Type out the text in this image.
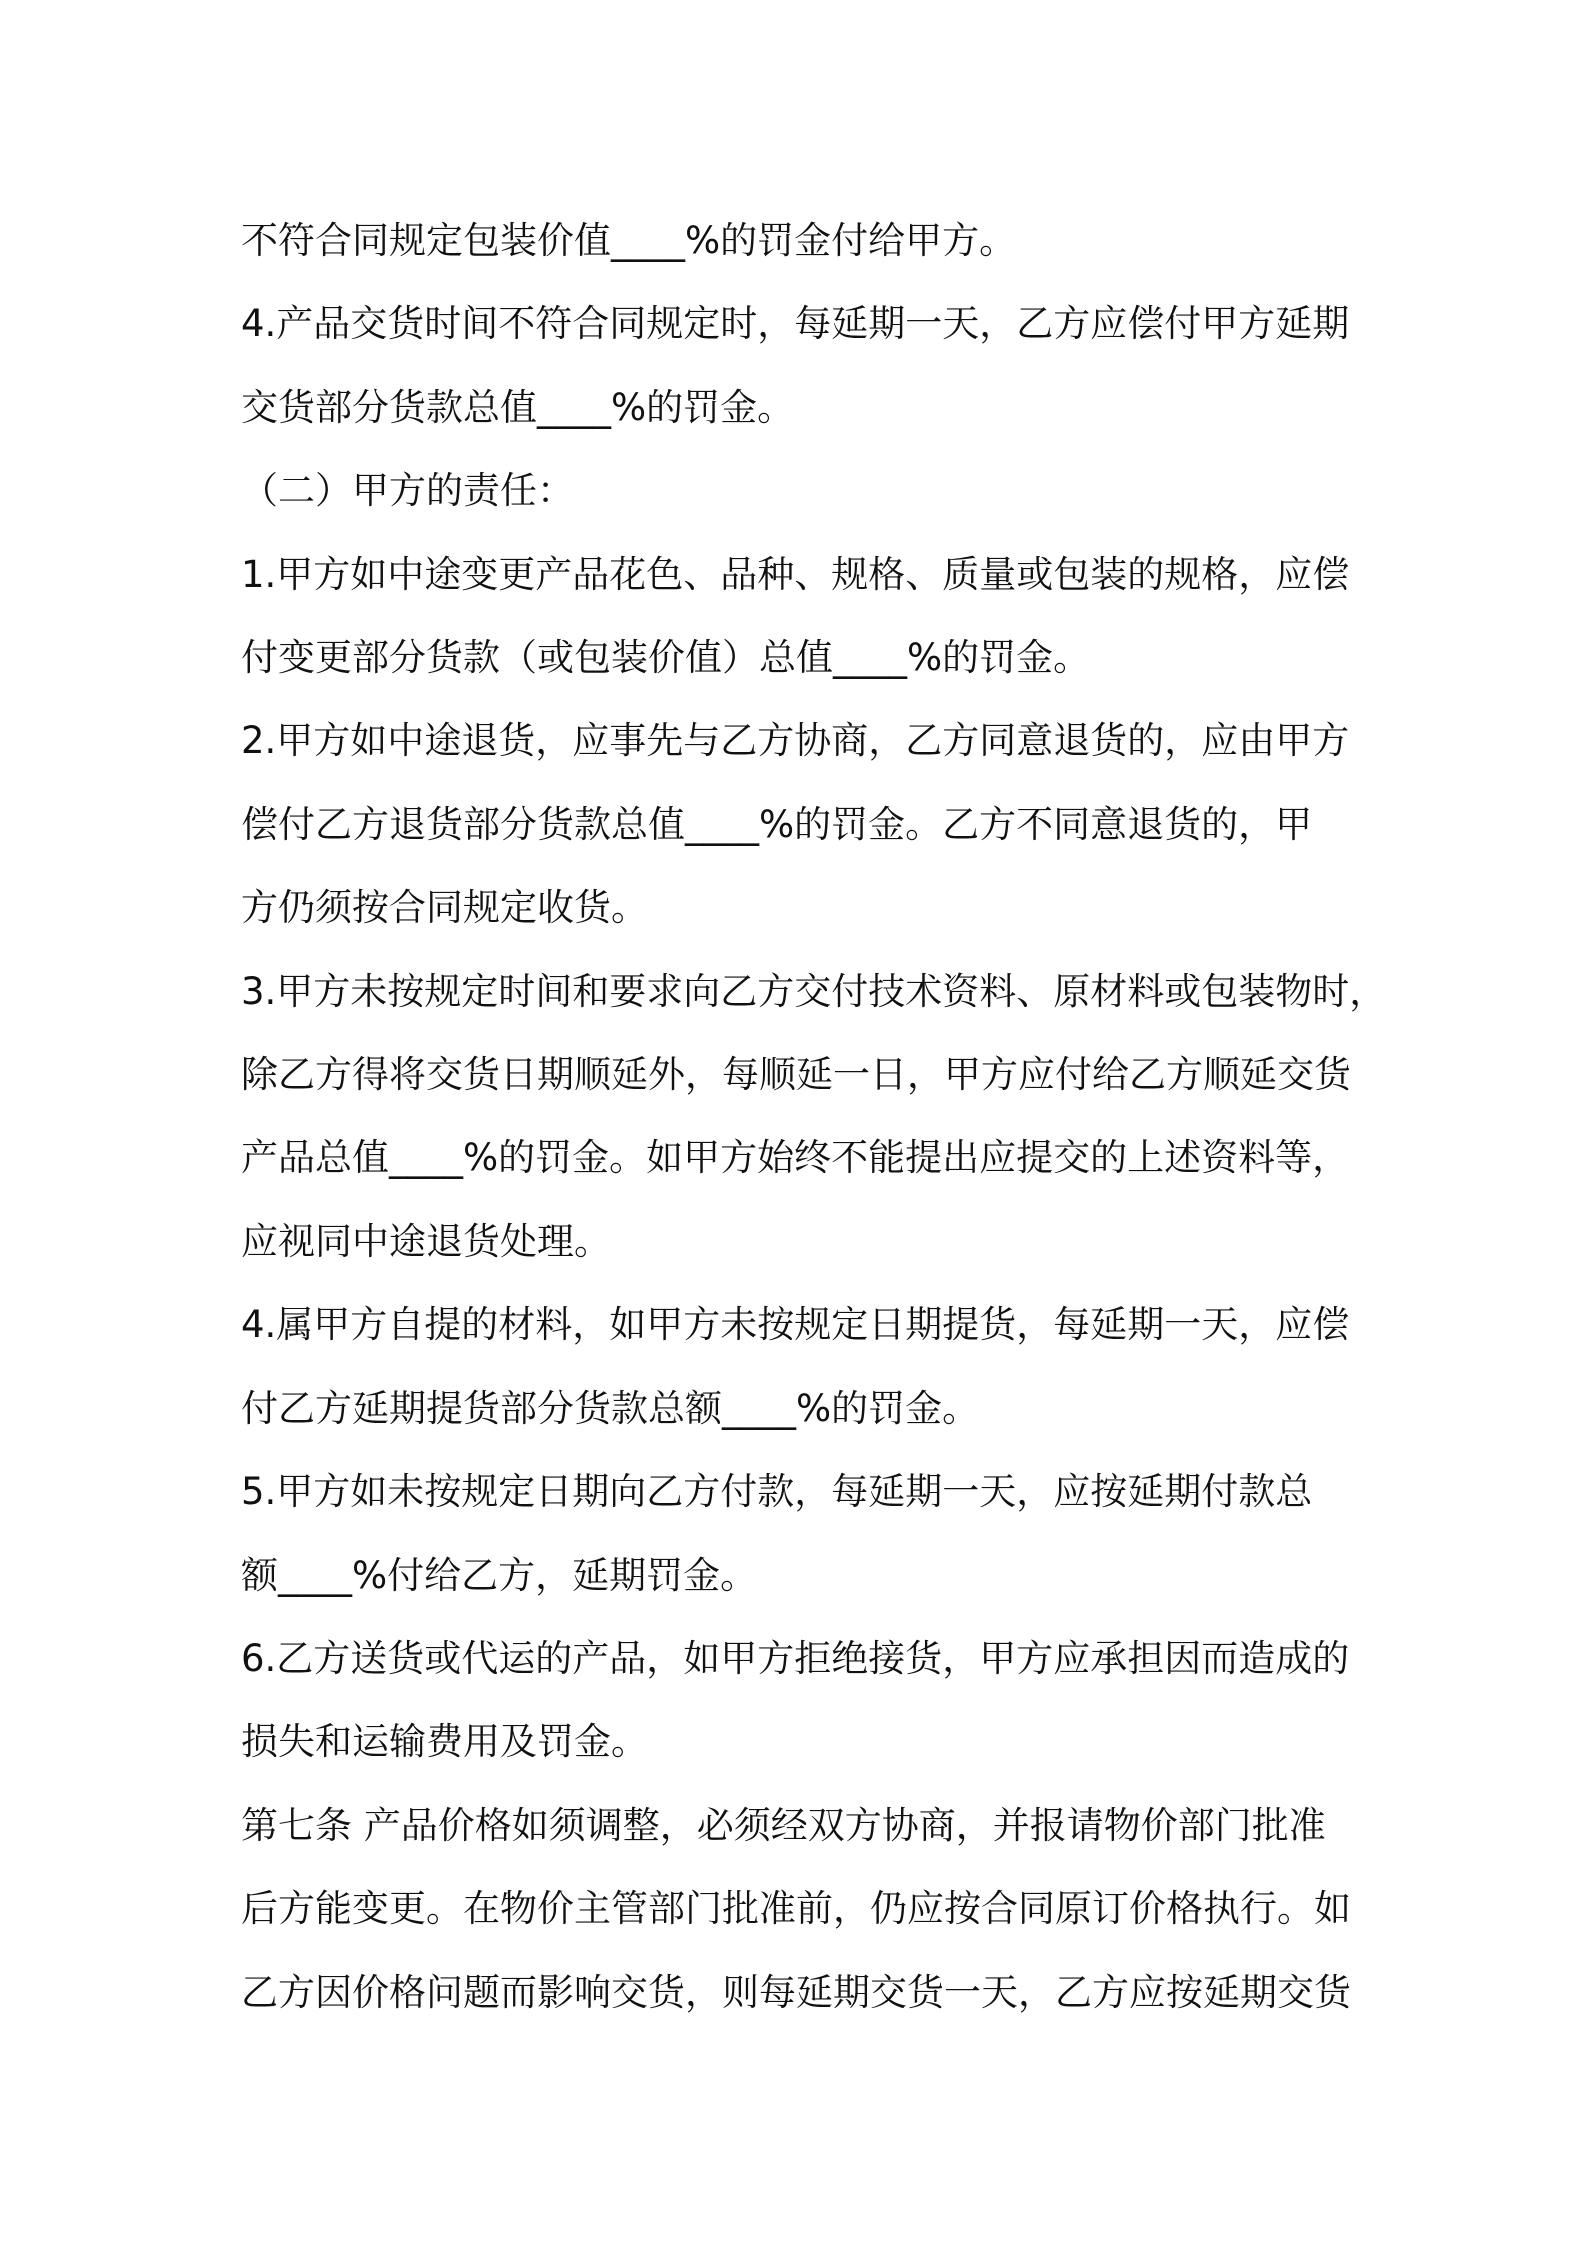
不符合同规定包装价值____%的罚金付给甲方。
4.产品交货时间不符合同规定时，每延期一天，乙方应偿付甲方延期
交货部分货款总值____%的罚金。
（二）甲方的责任：
1.甲方如中途变更产品花色、品种、规格、质量或包装的规格，应偿
付变更部分货款（或包装价值）总值____%的罚金。
2.甲方如中途退货，应事先与乙方协商，乙方同意退货的，应由甲方
偿付乙方退货部分货款总值____%的罚金。乙方不同意退货的，甲
方仍须按合同规定收货。
3.甲方未按规定时间和要求向乙方交付技术资料、原材料或包装物时，
除乙方得将交货日期顺延外，每顺延一日，甲方应付给乙方顺延交货
产品总值____%的罚金。如甲方始终不能提出应提交的上述资料等，
应视同中途退货处理。
4.属甲方自提的材料，如甲方未按规定日期提货，每延期一天，应偿
付乙方延期提货部分货款总额____%的罚金。
5.甲方如未按规定日期向乙方付款，每延期一天，应按延期付款总
额____%付给乙方，延期罚金。
6.乙方送货或代运的产品，如甲方拒绝接货，甲方应承担因而造成的
损失和运输费用及罚金。
第七条 产品价格如须调整，必须经双方协商，并报请物价部门批准
后方能变更。在物价主管部门批准前，仍应按合同原订价格执行。如
乙方因价格问题而影响交货，则每延期交货一天，乙方应按延期交货
